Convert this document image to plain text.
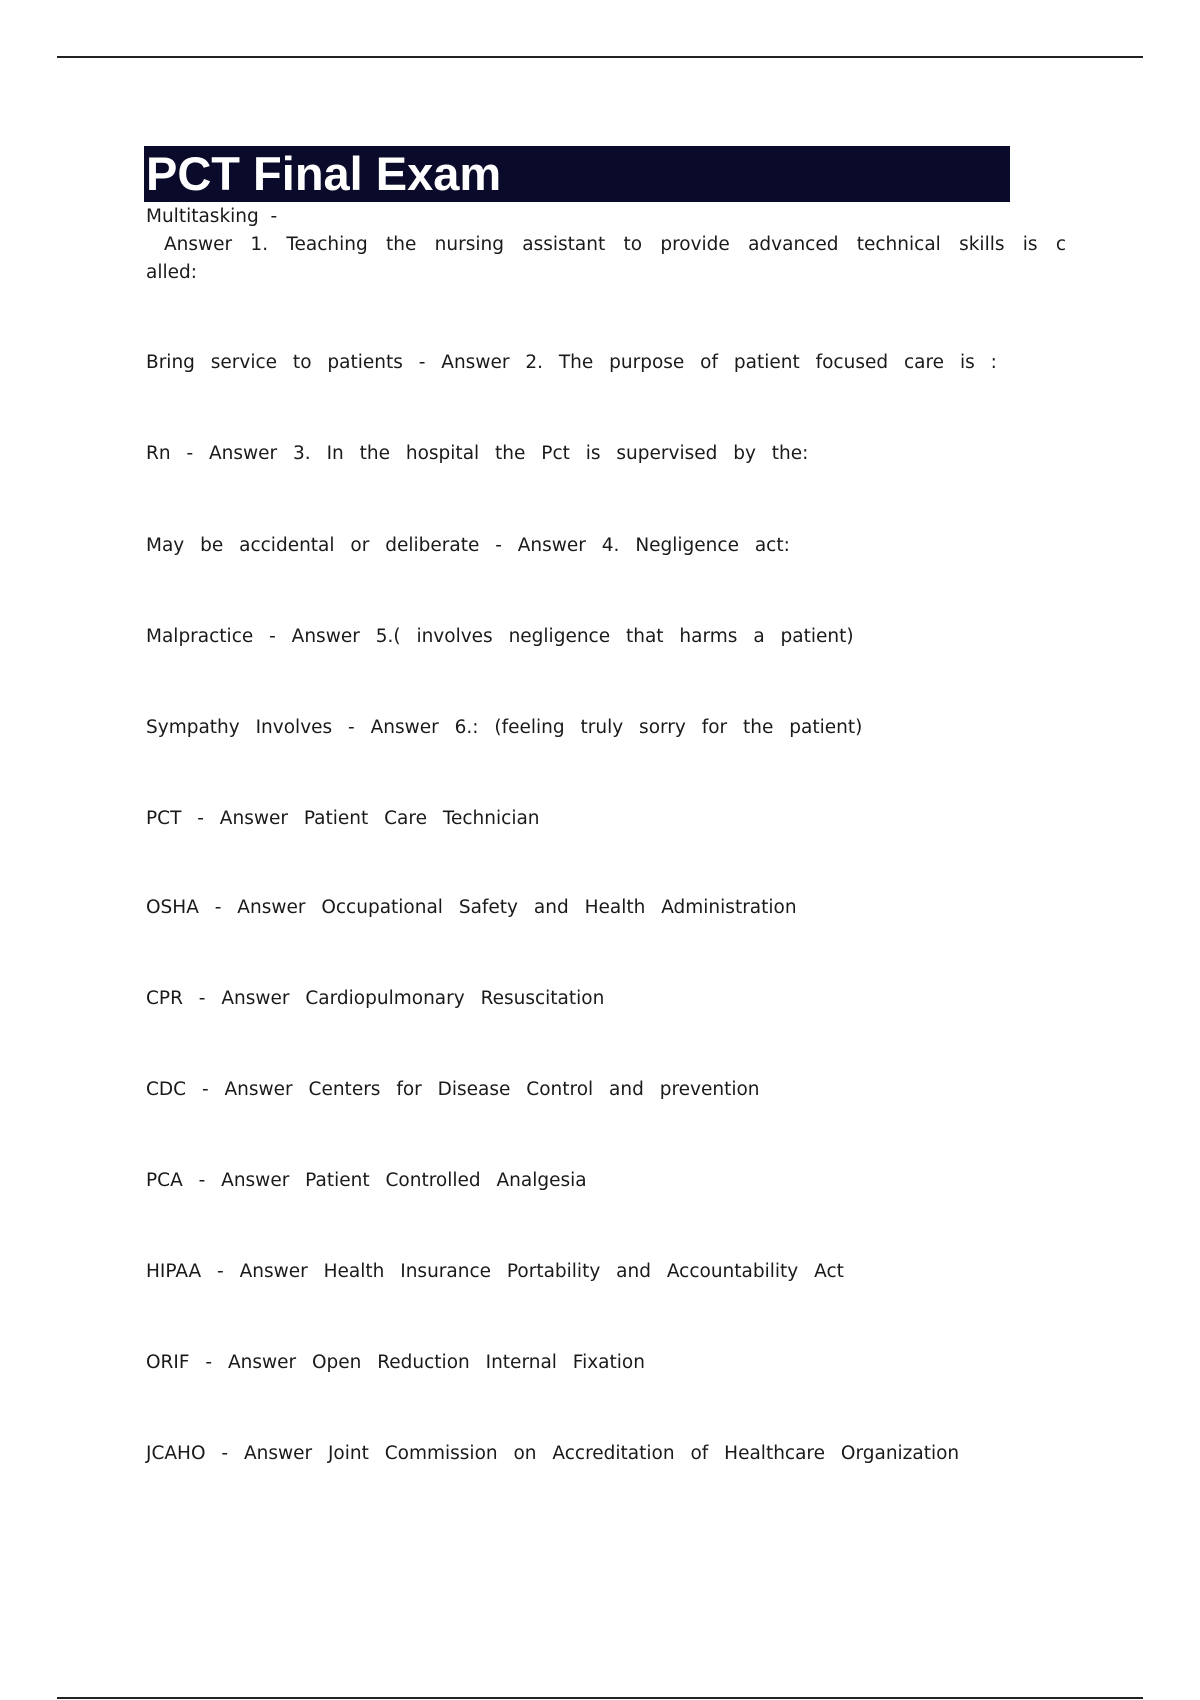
PCT Final Exam
Multitasking  -
Answer 1. Teaching the nursing assistant to provide advanced technical skills is c alled:
Bring service to patients - Answer 2. The purpose of patient focused care is :
Rn - Answer 3. In the hospital the Pct is supervised by the:
May be accidental or deliberate - Answer 4. Negligence act:
Malpractice - Answer 5.( involves negligence that harms a patient)
Sympathy Involves - Answer 6.: (feeling truly sorry for the patient)
PCT - Answer Patient Care Technician
OSHA - Answer Occupational Safety and Health Administration
CPR - Answer Cardiopulmonary Resuscitation
CDC - Answer Centers for Disease Control and prevention
PCA - Answer Patient Controlled Analgesia
HIPAA - Answer Health Insurance Portability and Accountability Act
ORIF - Answer Open Reduction Internal Fixation
JCAHO - Answer Joint Commission on Accreditation of Healthcare Organization
